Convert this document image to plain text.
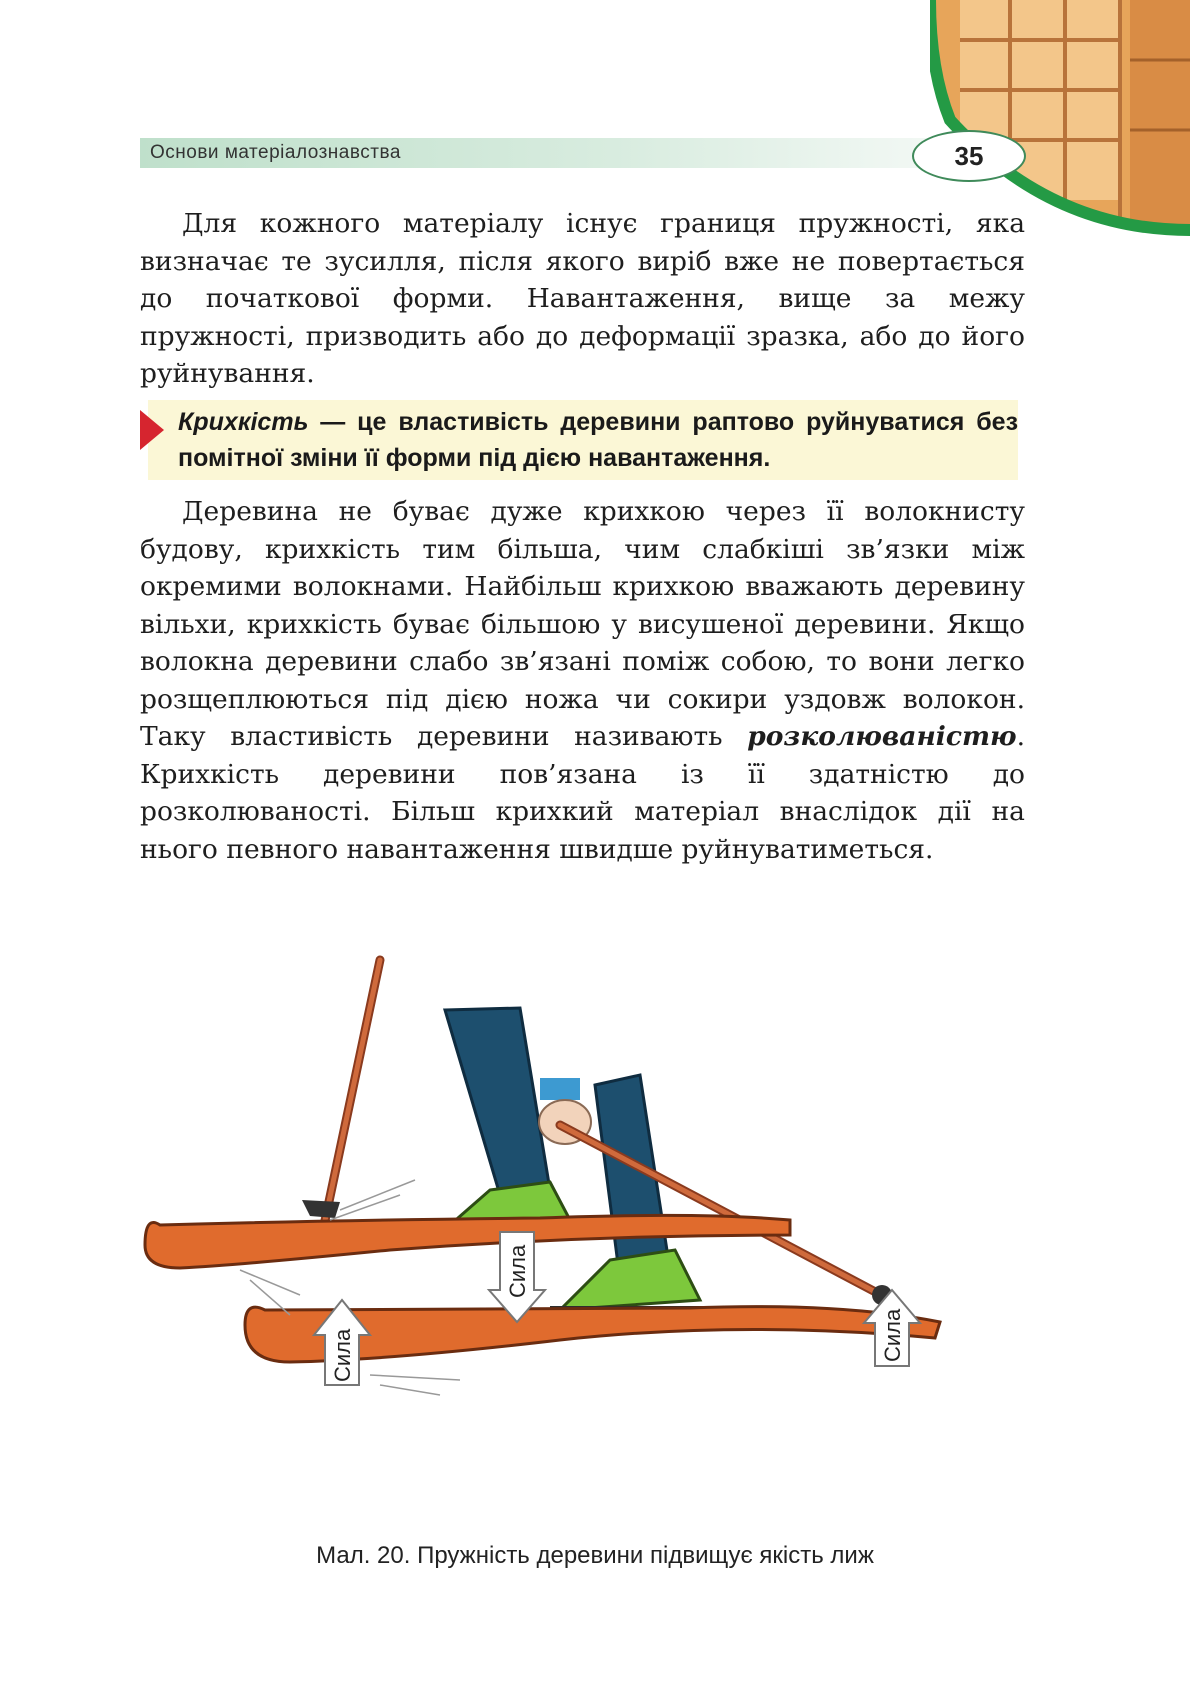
Основи матеріалознавства	35

Для кожного матеріалу існує границя пружності, яка визначає те зусилля, після якого виріб вже не повертається до початкової форми. Навантаження, вище за межу пружності, призводить або до деформації зразка, або до його руйнування.

Крихкість — це властивість деревини раптово руйнуватися без помітної зміни її форми під дією навантаження.

Деревина не буває дуже крихкою через її волокнисту будову, крихкість тим більша, чим слабкіші зв’язки між окремими волокнами. Найбільш крихкою вважають деревину вільхи, крихкість буває більшою у висушеної деревини. Якщо волокна деревини слабо зв’язані поміж собою, то вони легко розщеплюються під дією ножа чи сокири уздовж волокон. Таку властивість деревини називають розколюваністю. Крихкість деревини пов’язана із її здатністю до розколюваності. Більш крихкий матеріал внаслідок дії на нього певного навантаження швидше руйнуватиметься.

Сила
Сила	Сила
Мал. 20. Пружність деревини підвищує якість лиж
